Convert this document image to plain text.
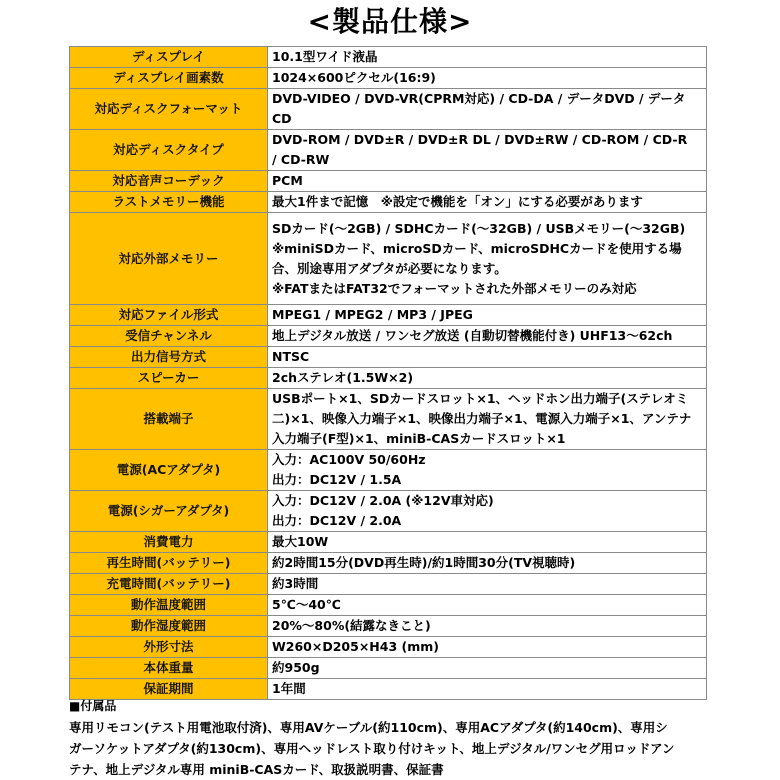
<製品仕様>
ディスプレイ	10.1型ワイド液晶

ディスプレイ画素数	1024×600ピクセル(16:9)

対応ディスクフォーマット	DVD-VIDEO / DVD-VR(CPRM対応) / CD-DA / データDVD / データ
CD

対応ディスクタイプ	DVD-ROM / DVD±R / DVD±R DL / DVD±RW / CD-ROM / CD-R
/ CD-RW

対応音声コーデック	PCM

ラストメモリー機能	最大1件まで記憶　※設定で機能を「オン」にする必要があります

対応外部メモリー	SDカード(～2GB) / SDHCカード(～32GB) / USBメモリー(～32GB)
※miniSDカード、microSDカード、microSDHCカードを使用する場
合、別途専用アダプタが必要になります。
※FATまたはFAT32でフォーマットされた外部メモリーのみ対応

対応ファイル形式	MPEG1 / MPEG2 / MP3 / JPEG

受信チャンネル	地上デジタル放送 / ワンセグ放送 (自動切替機能付き) UHF13～62ch

出力信号方式	NTSC

スピーカー	2chステレオ(1.5W×2)

搭載端子	USBポート×1、SDカードスロット×1、ヘッドホン出力端子(ステレオミ
二)×1、映像入力端子×1、映像出力端子×1、電源入力端子×1、アンテナ
入力端子(F型)×1、miniB-CASカードスロット×1

電源(ACアダプタ)	入力：AC100V 50/60Hz
出力：DC12V / 1.5A

電源(シガーアダプタ)	入力：DC12V / 2.0A (※12V車対応)
出力：DC12V / 2.0A

消費電力	最大10W

再生時間(バッテリー)	約2時間15分(DVD再生時)/約1時間30分(TV視聴時)

充電時間(バッテリー)	約3時間

動作温度範囲	5℃～40℃

動作湿度範囲	20%～80%(結露なきこと)

外形寸法	W260×D205×H43 (mm)

本体重量	約950g

保証期間	1年間
■付属品
専用リモコン(テスト用電池取付済)、専用AVケーブル(約110cm)、専用ACアダプタ(約140cm)、専用シ
ガーソケットアダプタ(約130cm)、専用ヘッドレスト取り付けキット、地上デジタル/ワンセグ用ロッドアン
テナ、地上デジタル専用 miniB-CASカード、取扱説明書、保証書
